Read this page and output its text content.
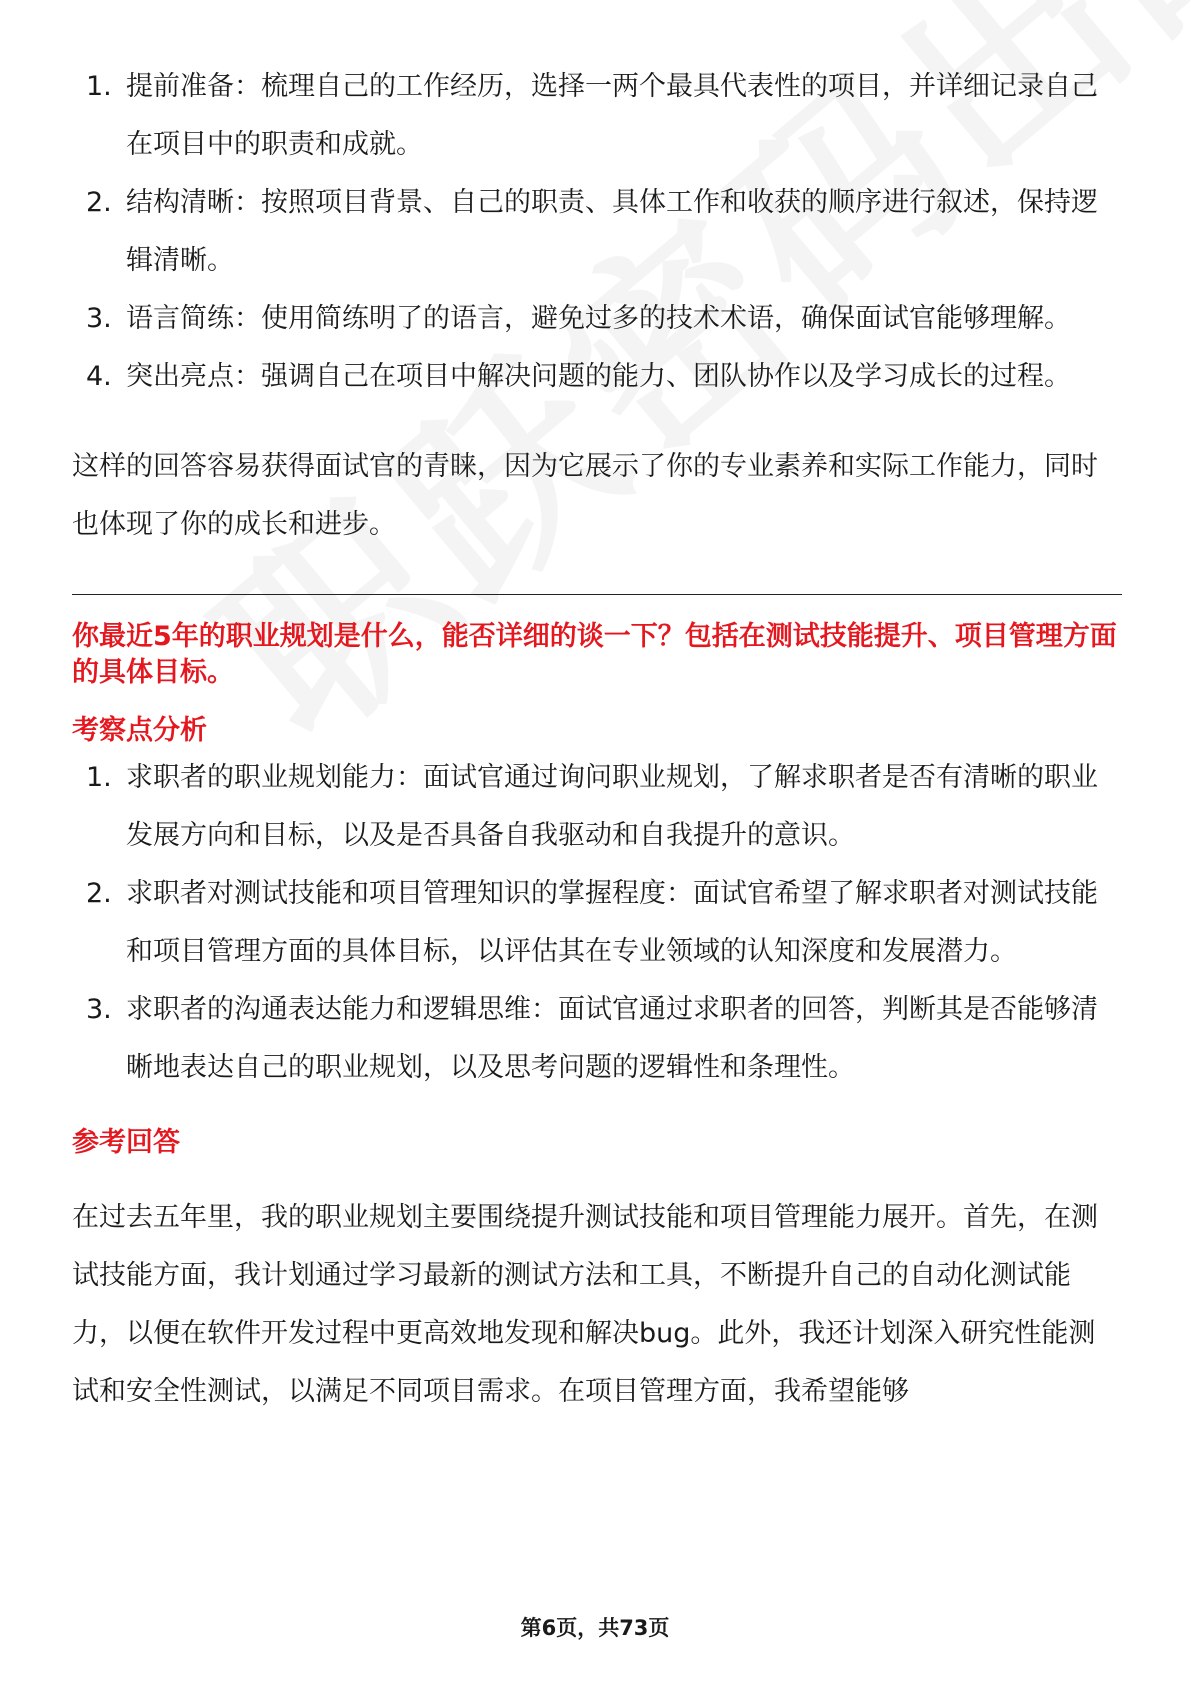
1. 提前准备：梳理自己的工作经历，选择一两个最具代表性的项目，并详细记录自己在项目中的职责和成就。
2. 结构清晰：按照项目背景、自己的职责、具体工作和收获的顺序进行叙述，保持逻辑清晰。
3. 语言简练：使用简练明了的语言，避免过多的技术术语，确保面试官能够理解。
4. 突出亮点：强调自己在项目中解决问题的能力、团队协作以及学习成长的过程。

这样的回答容易获得面试官的青睐，因为它展示了你的专业素养和实际工作能力，同时也体现了你的成长和进步。

你最近5年的职业规划是什么，能否详细的谈一下？包括在测试技能提升、项目管理方面的具体目标。
考察点分析
1. 求职者的职业规划能力：面试官通过询问职业规划，了解求职者是否有清晰的职业发展方向和目标，以及是否具备自我驱动和自我提升的意识。
2. 求职者对测试技能和项目管理知识的掌握程度：面试官希望了解求职者对测试技能和项目管理方面的具体目标，以评估其在专业领域的认知深度和发展潜力。
3. 求职者的沟通表达能力和逻辑思维：面试官通过求职者的回答，判断其是否能够清晰地表达自己的职业规划，以及思考问题的逻辑性和条理性。
参考回答

在过去五年里，我的职业规划主要围绕提升测试技能和项目管理能力展开。首先，在测试技能方面，我计划通过学习最新的测试方法和工具，不断提升自己的自动化测试能力，以便在软件开发过程中更高效地发现和解决bug。此外，我还计划深入研究性能测试和安全性测试，以满足不同项目需求。在项目管理方面，我希望能够

第6页，共73页
